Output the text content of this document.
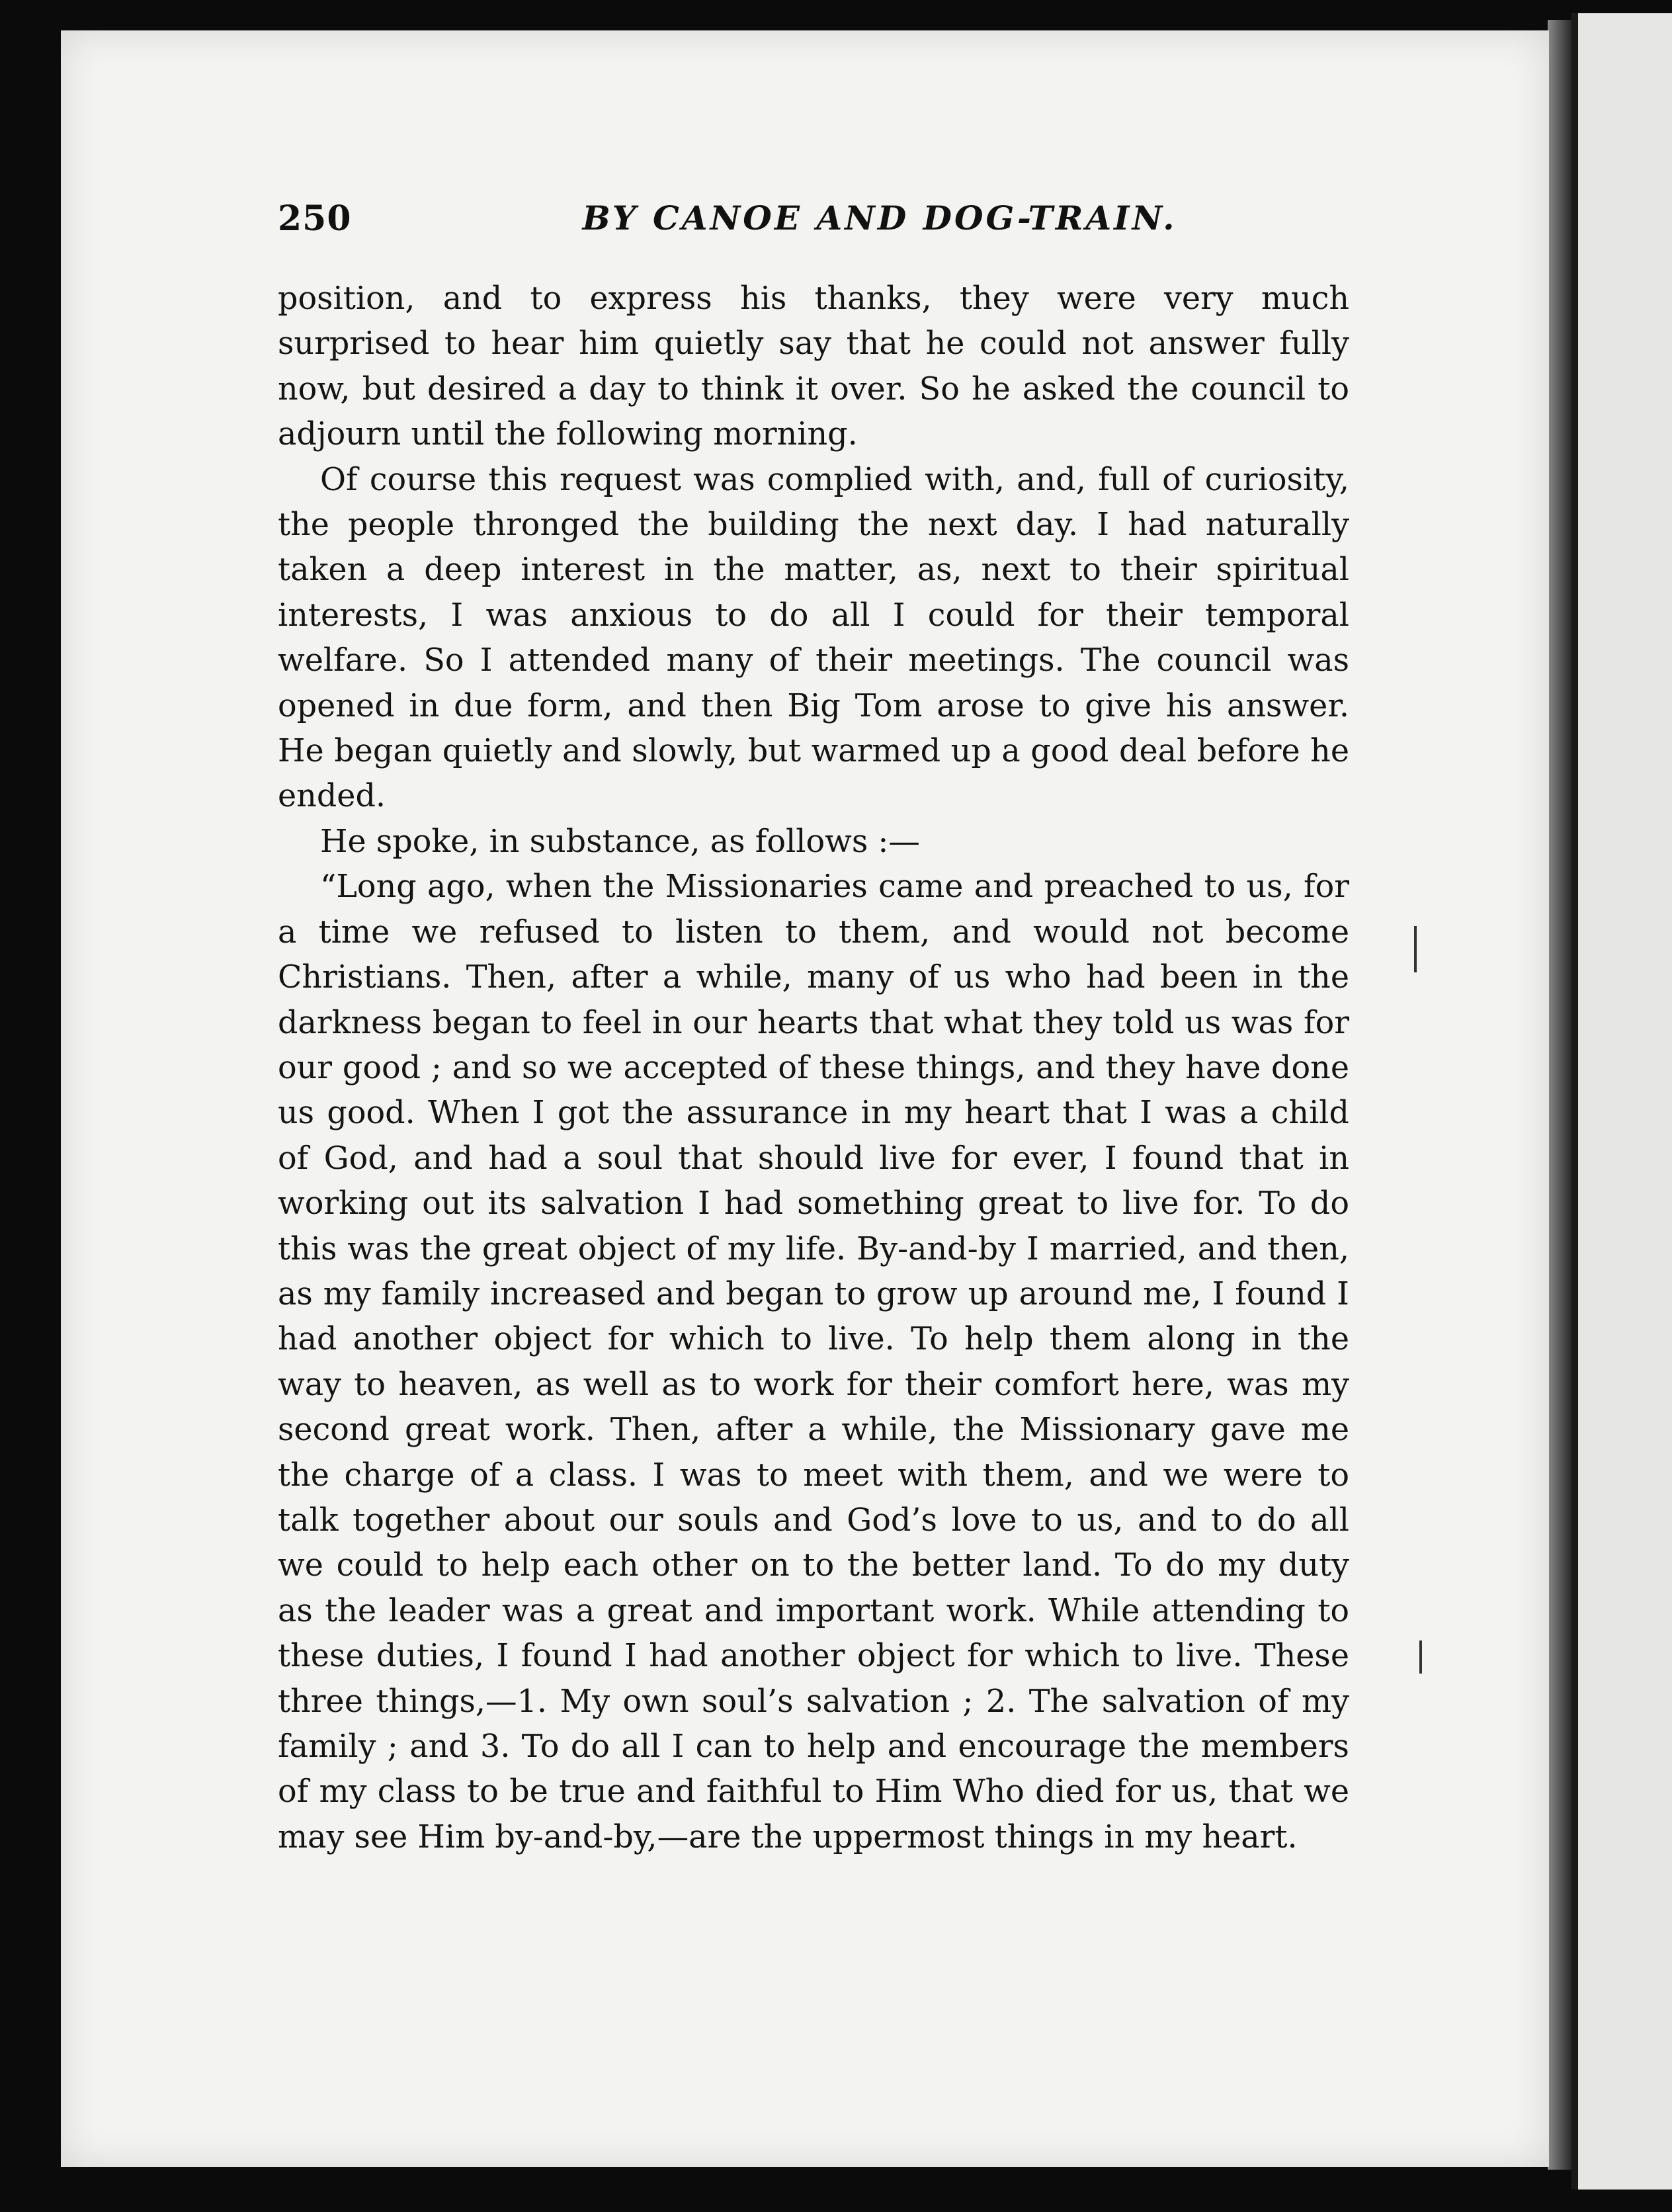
250	BY CANOE AND DOG-TRAIN.

position, and to express his thanks, they were very much surprised to hear him quietly say that he could not answer fully now, but desired a day to think it over. So he asked the council to adjourn until the following morning.

Of course this request was complied with, and, full of curiosity, the people thronged the building the next day. I had naturally taken a deep interest in the matter, as, next to their spiritual interests, I was anxious to do all I could for their temporal welfare. So I attended many of their meetings. The council was opened in due form, and then Big Tom arose to give his answer. He began quietly and slowly, but warmed up a good deal before he ended.

He spoke, in substance, as follows :—

“Long ago, when the Missionaries came and preached to us, for a time we refused to listen to them, and would not become Christians. Then, after a while, many of us who had been in the darkness began to feel in our hearts that what they told us was for our good ; and so we accepted of these things, and they have done us good. When I got the assurance in my heart that I was a child of God, and had a soul that should live for ever, I found that in working out its salvation I had something great to live for. To do this was the great object of my life. By-and-by I married, and then, as my family increased and began to grow up around me, I found I had another object for which to live. To help them along in the way to heaven, as well as to work for their comfort here, was my second great work. Then, after a while, the Missionary gave me the charge of a class. I was to meet with them, and we were to talk together about our souls and God’s love to us, and to do all we could to help each other on to the better land. To do my duty as the leader was a great and important work. While attending to these duties, I found I had another object for which to live. These three things,—1. My own soul’s salvation ; 2. The salvation of my family ; and 3. To do all I can to help and encourage the members of my class to be true and faithful to Him Who died for us, that we may see Him by-and-by,—are the uppermost things in my heart.
